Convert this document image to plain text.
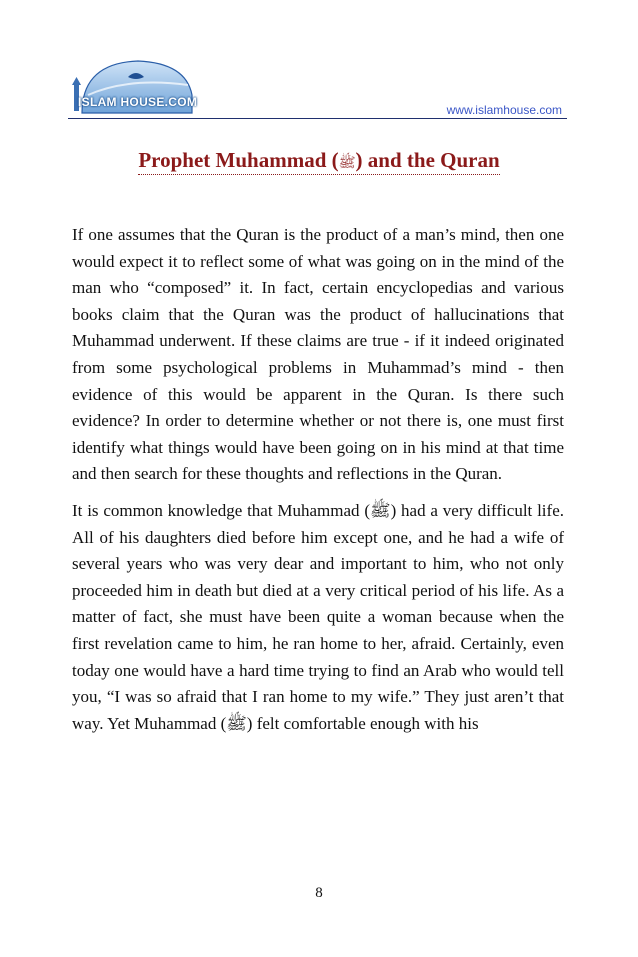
ISLAM HOUSE.COM
www.islamhouse.com
Prophet Muhammad (ﷺ) and the Quran

If one assumes that the Quran is the product of a man’s mind, then one would expect it to reflect some of what was going on in the mind of the man who “composed” it. In fact, certain encyclopedias and various books claim that the Quran was the product of hallucinations that Muhammad underwent. If these claims are true - if it indeed originated from some psychological problems in Muhammad’s mind - then evidence of this would be apparent in the Quran. Is there such evidence? In order to determine whether or not there is, one must first identify what things would have been going on in his mind at that time and then search for these thoughts and reflections in the Quran.

It is common knowledge that Muhammad (ﷺ) had a very difficult life. All of his daughters died before him except one, and he had a wife of several years who was very dear and important to him, who not only proceeded him in death but died at a very critical period of his life. As a matter of fact, she must have been quite a woman because when the first revelation came to him, he ran home to her, afraid. Certainly, even today one would have a hard time trying to find an Arab who would tell you, “I was so afraid that I ran home to my wife.” They just aren’t that way. Yet Muhammad (ﷺ) felt comfortable enough with his

8
